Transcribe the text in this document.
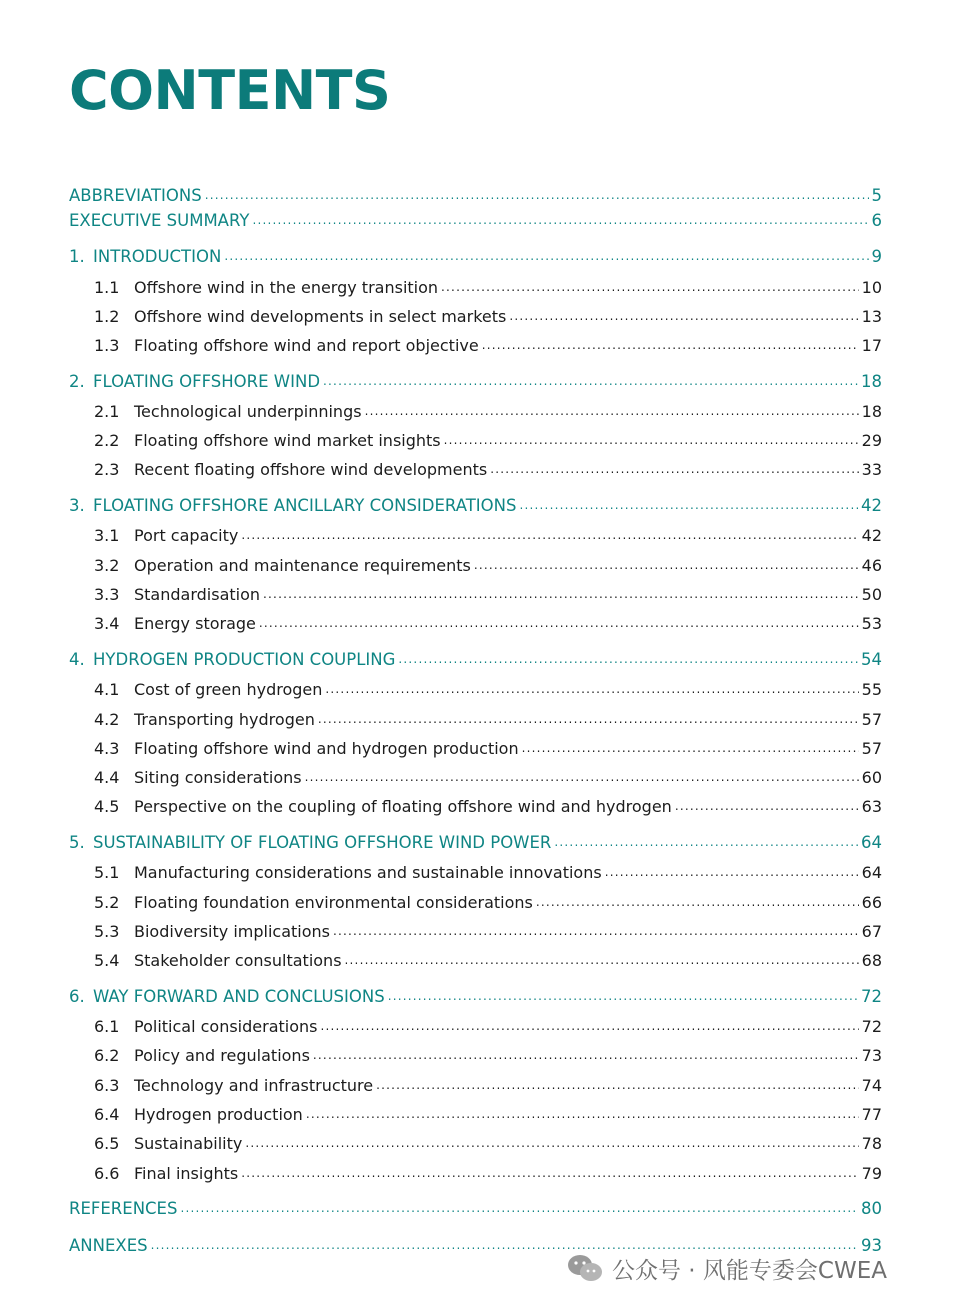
CONTENTS
ABBREVIATIONS .....	5
EXECUTIVE SUMMARY .....	6
1. INTRODUCTION .....	9
1.1 Offshore wind in the energy transition .....	10
1.2 Offshore wind developments in select markets .....	13
1.3 Floating offshore wind and report objective .....	17
2. FLOATING OFFSHORE WIND .....	18
2.1 Technological underpinnings .....	18
2.2 Floating offshore wind market insights .....	29
2.3 Recent floating offshore wind developments .....	33
3. FLOATING OFFSHORE ANCILLARY CONSIDERATIONS .....	42
3.1 Port capacity .....	42
3.2 Operation and maintenance requirements .....	46
3.3 Standardisation .....	50
3.4 Energy storage .....	53
4. HYDROGEN PRODUCTION COUPLING .....	54
4.1 Cost of green hydrogen .....	55
4.2 Transporting hydrogen .....	57
4.3 Floating offshore wind and hydrogen production .....	57
4.4 Siting considerations .....	60
4.5 Perspective on the coupling of floating offshore wind and hydrogen .....	63
5. SUSTAINABILITY OF FLOATING OFFSHORE WIND POWER .....	64
5.1 Manufacturing considerations and sustainable innovations .....	64
5.2 Floating foundation environmental considerations .....	66
5.3 Biodiversity implications .....	67
5.4 Stakeholder consultations .....	68
6. WAY FORWARD AND CONCLUSIONS .....	72
6.1 Political considerations .....	72
6.2 Policy and regulations .....	73
6.3 Technology and infrastructure .....	74
6.4 Hydrogen production .....	77
6.5 Sustainability .....	78
6.6 Final insights .....	79
REFERENCES .....	80
ANNEXES .....	93
公众号 · 风能专委会CWEA
